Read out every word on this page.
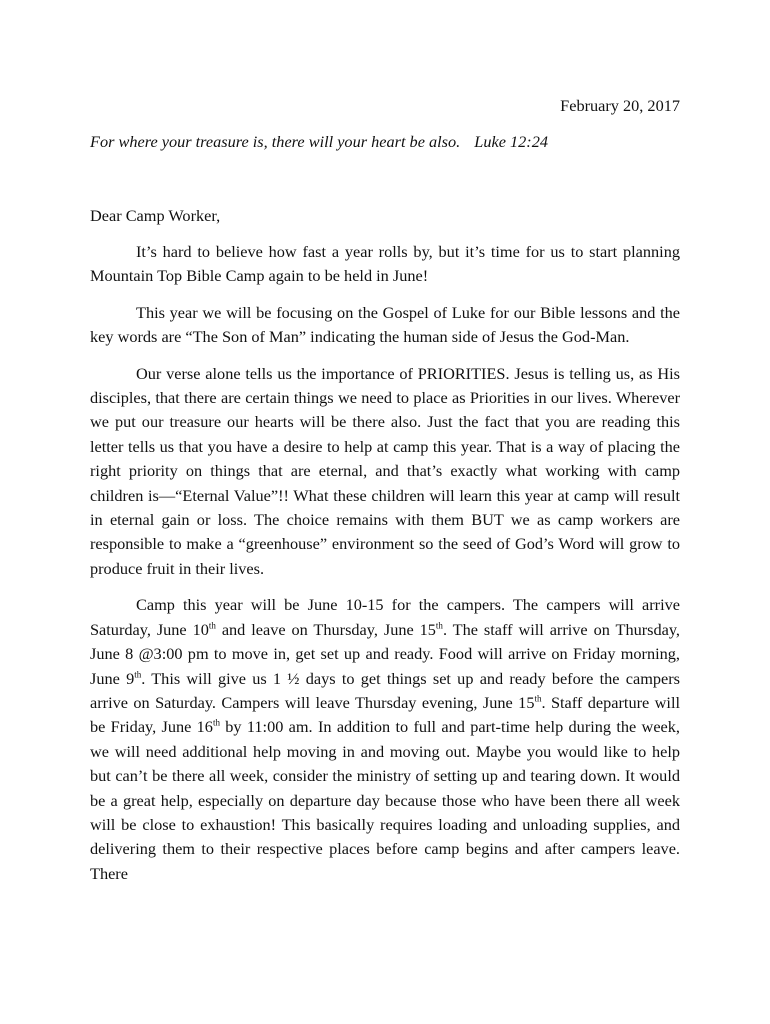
February 20, 2017
For where your treasure is, there will your heart be also. Luke 12:24
Dear Camp Worker,

It’s hard to believe how fast a year rolls by, but it’s time for us to start planning Mountain Top Bible Camp again to be held in June!

This year we will be focusing on the Gospel of Luke for our Bible lessons and the key words are “The Son of Man” indicating the human side of Jesus the God-Man.

Our verse alone tells us the importance of PRIORITIES. Jesus is telling us, as His disciples, that there are certain things we need to place as Priorities in our lives. Wherever we put our treasure our hearts will be there also. Just the fact that you are reading this letter tells us that you have a desire to help at camp this year. That is a way of placing the right priority on things that are eternal, and that’s exactly what working with camp children is—“Eternal Value”!! What these children will learn this year at camp will result in eternal gain or loss. The choice remains with them BUT we as camp workers are responsible to make a “greenhouse” environment so the seed of God’s Word will grow to produce fruit in their lives.

Camp this year will be June 10-15 for the campers. The campers will arrive Saturday, June 10th and leave on Thursday, June 15th. The staff will arrive on Thursday, June 8 @3:00 pm to move in, get set up and ready. Food will arrive on Friday morning, June 9th. This will give us 1 ½ days to get things set up and ready before the campers arrive on Saturday. Campers will leave Thursday evening, June 15th. Staff departure will be Friday, June 16th by 11:00 am. In addition to full and part-time help during the week, we will need additional help moving in and moving out. Maybe you would like to help but can’t be there all week, consider the ministry of setting up and tearing down. It would be a great help, especially on departure day because those who have been there all week will be close to exhaustion! This basically requires loading and unloading supplies, and delivering them to their respective places before camp begins and after campers leave. There
